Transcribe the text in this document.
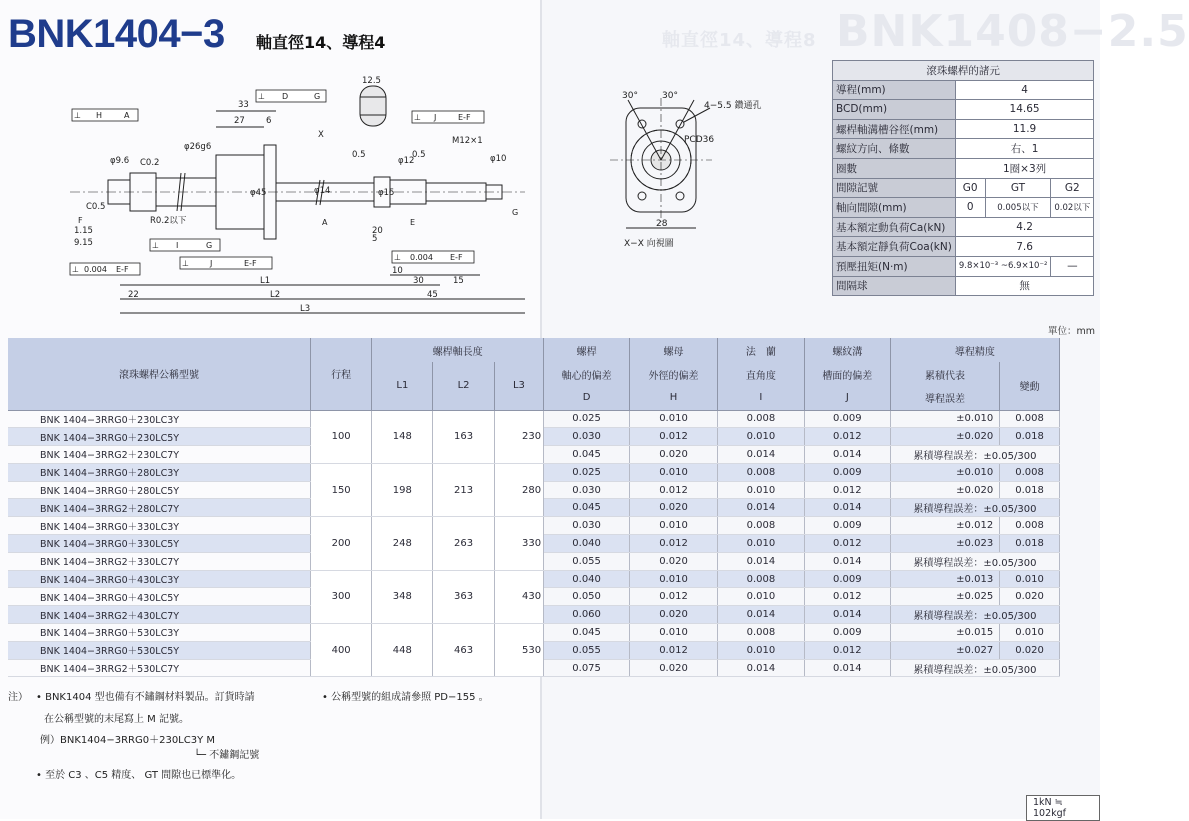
BNK1408−2.5
軸直徑14、導程8
BNK1404−3 軸直徑14、導程4
33
27 6
12.5
0.5	0.5
20
5
10
30	15
45
22
L1
L2
L3
M12×1
1.15
9.15
C0.5
C0.2
R0.2以下
φ45	φ14	φ15
φ12	φ10
φ9.6
φ26g6
X
⊥ H	A
⊥ D	G
⊥ J	E-F
⊥ I	G
⊥	J	E-F
⊥ 0.004 E-F
⊥ 0.004 E-F
A	E
F
G
30°	30°
4−5.5 鑽通孔
PCD36
28
X−X 向視圖
滾珠螺桿的諸元			
導程(mm)	4		
BCD(mm)	14.65		
螺桿軸溝槽谷徑(mm)	11.9		
螺紋方向、條數	右、1		
圈數	1圈×3列		
間隙記號	G0	GT	G2
軸向間隙(mm)	0	0.005以下	0.02以下
基本額定動負荷Ca(kN)	4.2		
基本額定靜負荷Coa(kN)	7.6		
預壓扭矩(N·m)	9.8×10⁻³ ~6.9×10⁻²		—
間隔球	無		
單位：mm
滾珠螺桿公稱型號	行程	螺桿軸長度			螺桿	螺母	法　蘭	螺紋溝	導程精度	
		L1	L2	L3	軸心的偏差	外徑的偏差	直角度	槽面的偏差	累積代表	變動
					D	H	I	J	導程誤差	
BNK 1404−3RRG0＋230LC3Y	100	148	163	230	0.025	0.010	0.008	0.009	±0.010	0.008
BNK 1404−3RRG0＋230LC5Y					0.030	0.012	0.010	0.012	±0.020	0.018
BNK 1404−3RRG2＋230LC7Y					0.045	0.020	0.014	0.014	累積導程誤差：±0.05/300	
BNK 1404−3RRG0＋280LC3Y	150	198	213	280	0.025	0.010	0.008	0.009	±0.010	0.008
BNK 1404−3RRG0＋280LC5Y					0.030	0.012	0.010	0.012	±0.020	0.018
BNK 1404−3RRG2＋280LC7Y					0.045	0.020	0.014	0.014	累積導程誤差：±0.05/300	
BNK 1404−3RRG0＋330LC3Y	200	248	263	330	0.030	0.010	0.008	0.009	±0.012	0.008
BNK 1404−3RRG0＋330LC5Y					0.040	0.012	0.010	0.012	±0.023	0.018
BNK 1404−3RRG2＋330LC7Y					0.055	0.020	0.014	0.014	累積導程誤差：±0.05/300	
BNK 1404−3RRG0＋430LC3Y	300	348	363	430	0.040	0.010	0.008	0.009	±0.013	0.010
BNK 1404−3RRG0＋430LC5Y					0.050	0.012	0.010	0.012	±0.025	0.020
BNK 1404−3RRG2＋430LC7Y					0.060	0.020	0.014	0.014	累積導程誤差：±0.05/300	
BNK 1404−3RRG0＋530LC3Y	400	448	463	530	0.045	0.010	0.008	0.009	±0.015	0.010
BNK 1404−3RRG0＋530LC5Y					0.055	0.012	0.010	0.012	±0.027	0.020
BNK 1404−3RRG2＋530LC7Y					0.075	0.020	0.014	0.014	累積導程誤差：±0.05/300	
注） • BNK1404 型也備有不鏽鋼材料製品。訂貨時請
在公稱型號的末尾寫上 M 記號。
例）BNK1404−3RRG0＋230LC3Y M
└─ 不鏽鋼記號
• 至於 C3 、C5 精度、 GT 間隙也已標準化。
• 公稱型號的組成請參照 PD−155 。
1kN ≒ 102kgf
